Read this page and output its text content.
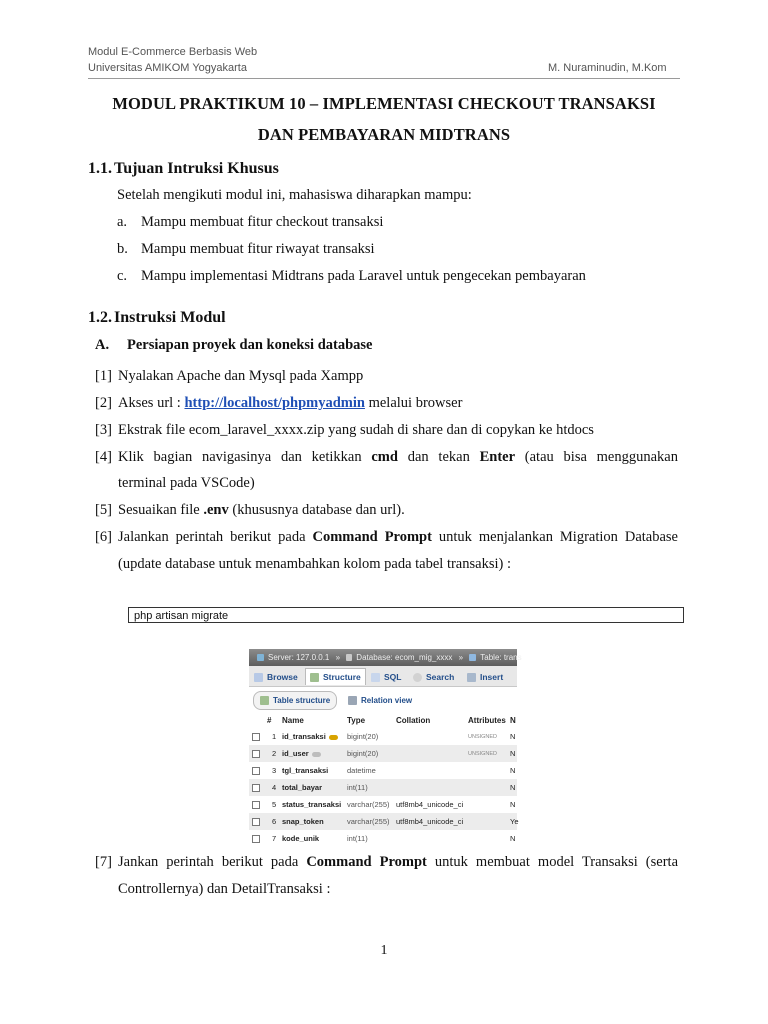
Modul E-Commerce Berbasis Web
Universitas AMIKOM Yogyakarta	M. Nuraminudin, M.Kom
MODUL PRAKTIKUM 10 – IMPLEMENTASI CHECKOUT TRANSAKSI
DAN PEMBAYARAN MIDTRANS
1.1. Tujuan Intruksi Khusus
Setelah mengikuti modul ini, mahasiswa diharapkan mampu:
a. Mampu membuat fitur checkout transaksi
b. Mampu membuat fitur riwayat transaksi
c. Mampu implementasi Midtrans pada Laravel untuk pengecekan pembayaran
1.2. Instruksi Modul
A. Persiapan proyek dan koneksi database
[1] Nyalakan Apache dan Mysql pada Xampp
[2] Akses url : http://localhost/phpmyadmin melalui browser
[3] Ekstrak file ecom_laravel_xxxx.zip yang sudah di share dan di copykan ke htdocs
[4] Klik bagian navigasinya dan ketikkan cmd dan tekan Enter (atau bisa menggunakan
terminal pada VSCode)
[5] Sesuaikan file .env (khususnya database dan url).
[6] Jalankan perintah berikut pada Command Prompt untuk menjalankan Migration Database
(update database untuk menambahkan kolom pada tabel transaksi) :
php artisan migrate
Server: 127.0.0.1 » Database: ecom_mig_xxxx » Table: trans
Browse	Structure	SQL	Search	Insert
Table structure	Relation view
# Name	Type	Collation	Attributes N
1 id_transaksi	bigint(20)	UNSIGNED N
2 id_user	bigint(20)	UNSIGNED N
3 tgl_transaksi datetime	N
4 total_bayar	int(11)	N
5 status_transaksi varchar(255) utf8mb4_unicode_ci	N
6 snap_token	varchar(255) utf8mb4_unicode_ci	Ye
7 kode_unik	int(11)	N
[7] Jankan perintah berikut pada Command Prompt untuk membuat model Transaksi (serta
Controllernya) dan DetailTransaksi :
1
